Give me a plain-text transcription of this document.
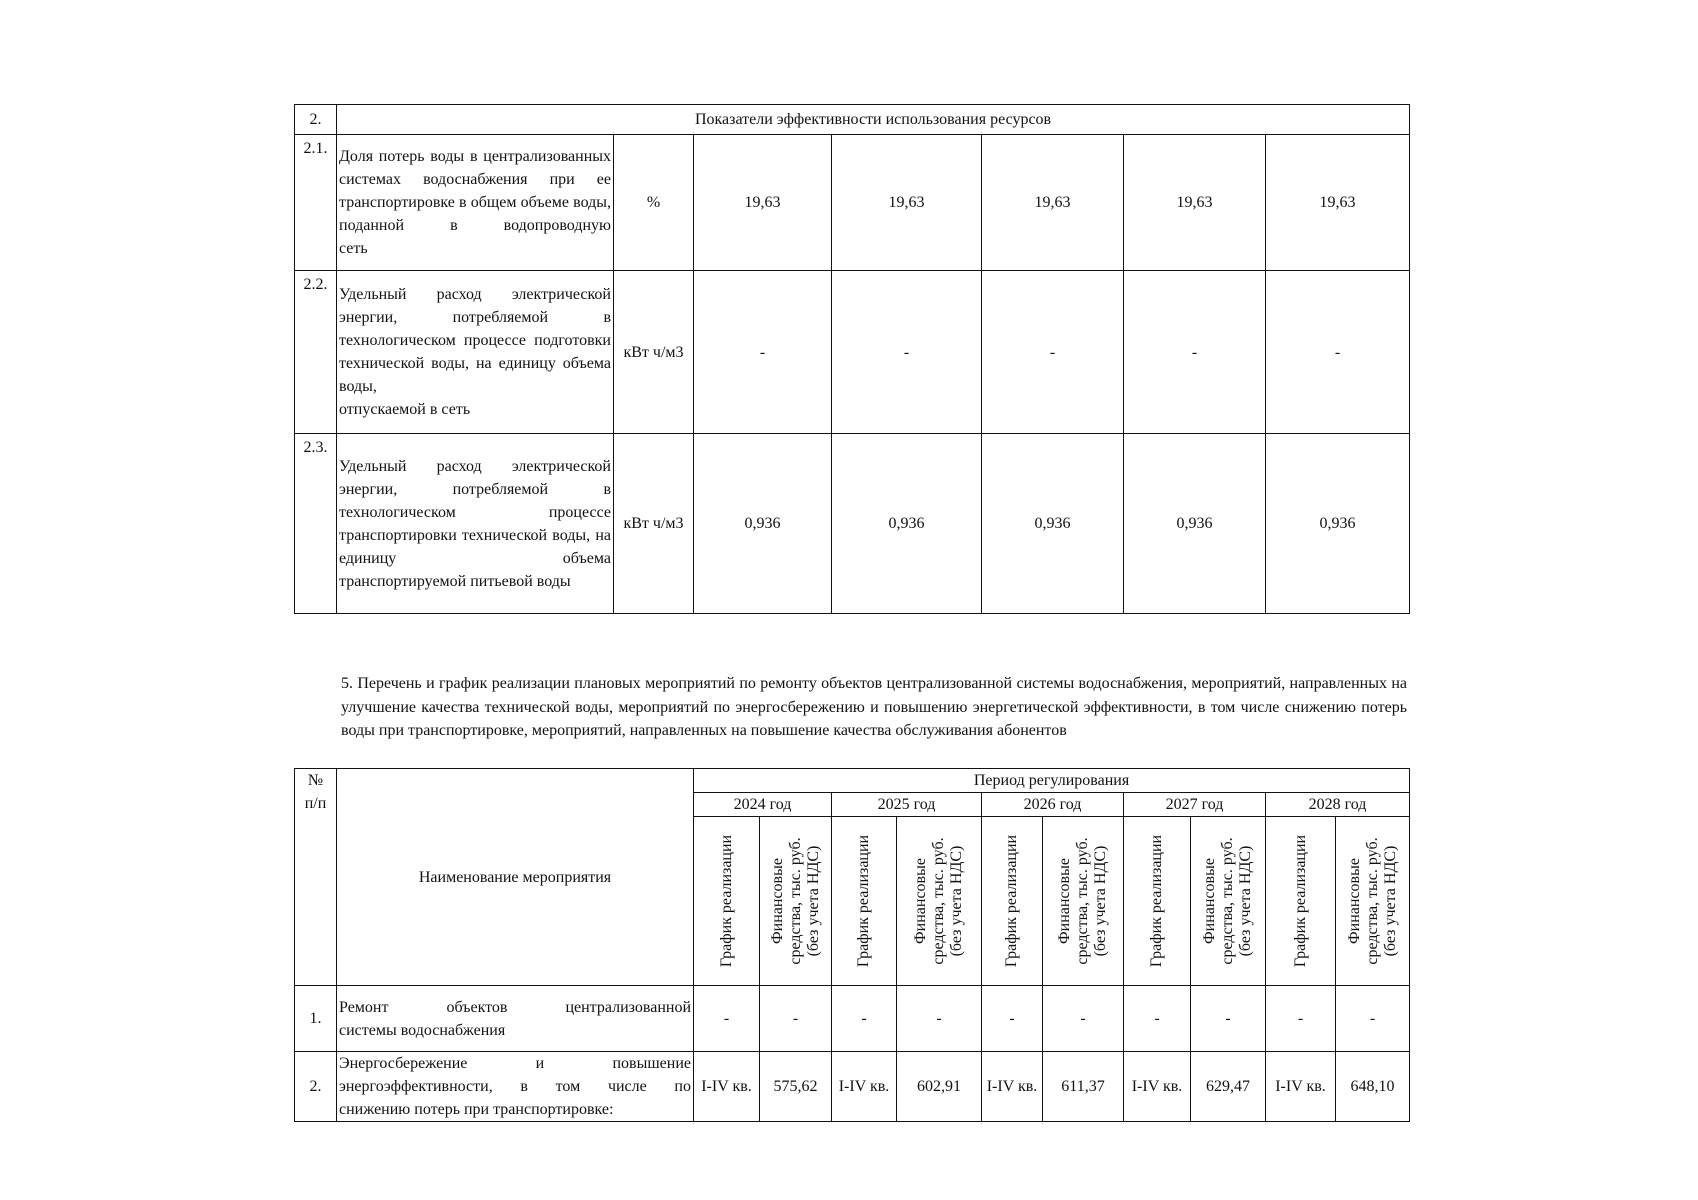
2.	Показатели эффективности использования ресурсов						
2.1.	Доля потерь воды в централизованных системах водоснабжения при ее транспортировке в общем объеме воды, поданной в водопроводную
сеть	%	19,63	19,63	19,63	19,63	19,63
2.2.	Удельный расход электрической энергии, потребляемой в технологическом процессе подготовки технической воды, на единицу объема воды,
отпускаемой в сеть	кВт ч/м3	-	-	-	-	-
2.3.	Удельный расход электрической энергии, потребляемой в технологическом процессе транспортировки технической воды, на единицу объема
транспортируемой питьевой воды	кВт ч/м3	0,936	0,936	0,936	0,936	0,936
5. Перечень и график реализации плановых мероприятий по ремонту объектов централизованной системы водоснабжения, мероприятий, направленных на улучшение качества технической воды, мероприятий по энергосбережению и повышению энергетической эффективности, в том числе снижению потерь воды при транспортировке, мероприятий, направленных на повышение качества обслуживания абонентов
№
п/п	Наименование мероприятия	Период регулирования									
		2024 год		2025 год		2026 год		2027 год		2028 год	

		График реализации	Финансовые средства, тыс. руб. (без учета НДС)	График реализации	Финансовые средства, тыс. руб. (без учета НДС)	График реализации	Финансовые средства, тыс. руб. (без учета НДС)	График реализации	Финансовые средства, тыс. руб. (без учета НДС)	График реализации	Финансовые средства, тыс. руб. (без учета НДС)

1.	Ремонт объектов централизованной
системы водоснабжения	-	-	-	-	-	-	-	-	-	-
2.	Энергосбережение и повышение энергоэффективности, в том числе по
снижению потерь при транспортировке:	I-IV кв.	575,62	I-IV кв.	602,91	I-IV кв.	611,37	I-IV кв.	629,47	I-IV кв.	648,10
